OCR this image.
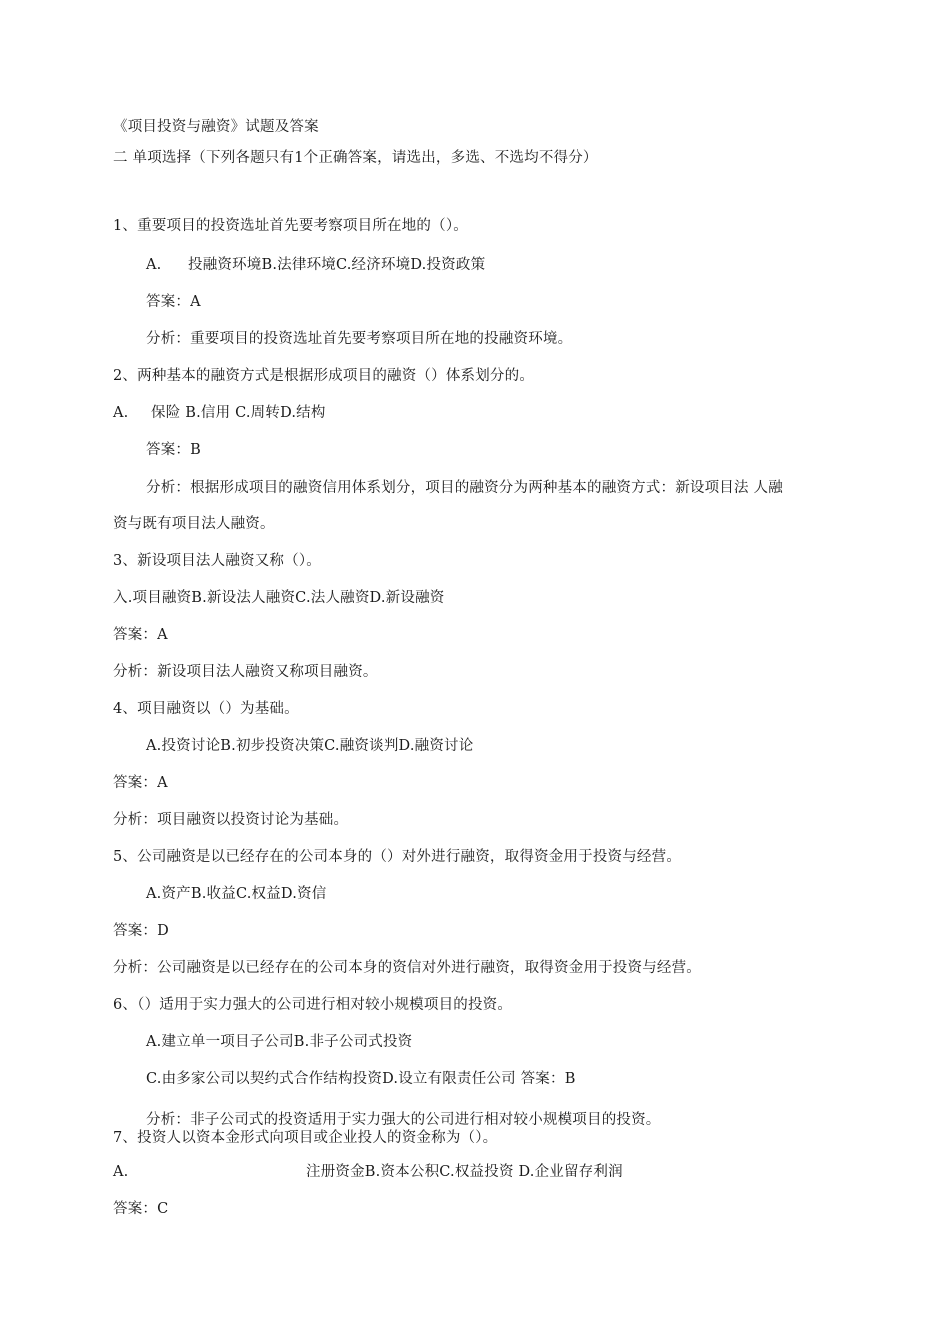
《项目投资与融资》试题及答案
二 单项选择（下列各题只有1个正确答案，请选出，多选、不选均不得分）
1、重要项目的投资选址首先要考察项目所在地的（）。
A. 投融资环境B.法律环境C.经济环境D.投资政策
答案：A
分析：重要项目的投资选址首先要考察项目所在地的投融资环境。
2、两种基本的融资方式是根据形成项目的融资（）体系划分的。
A. 保险 B.信用 C.周转D.结构
答案：B
分析：根据形成项目的融资信用体系划分，项目的融资分为两种基本的融资方式：新设项目法 人融
资与既有项目法人融资。
3、新设项目法人融资又称（）。
入.项目融资B.新设法人融资C.法人融资D.新设融资
答案：A
分析：新设项目法人融资又称项目融资。
4、项目融资以（）为基础。
A.投资讨论B.初步投资决策C.融资谈判D.融资讨论
答案：A
分析：项目融资以投资讨论为基础。
5、公司融资是以已经存在的公司本身的（）对外进行融资，取得资金用于投资与经营。
A.资产B.收益C.权益D.资信
答案：D
分析：公司融资是以已经存在的公司本身的资信对外进行融资，取得资金用于投资与经营。
6、（）适用于实力强大的公司进行相对较小规模项目的投资。
A.建立单一项目子公司B.非子公司式投资
C.由多家公司以契约式合作结构投资D.设立有限责任公司 答案：B
分析：非子公司式的投资适用于实力强大的公司进行相对较小规模项目的投资。
7、投资人以资本金形式向项目或企业投人的资金称为（）。
A.	注册资金B.资本公积C.权益投资 D.企业留存利润
答案：C
